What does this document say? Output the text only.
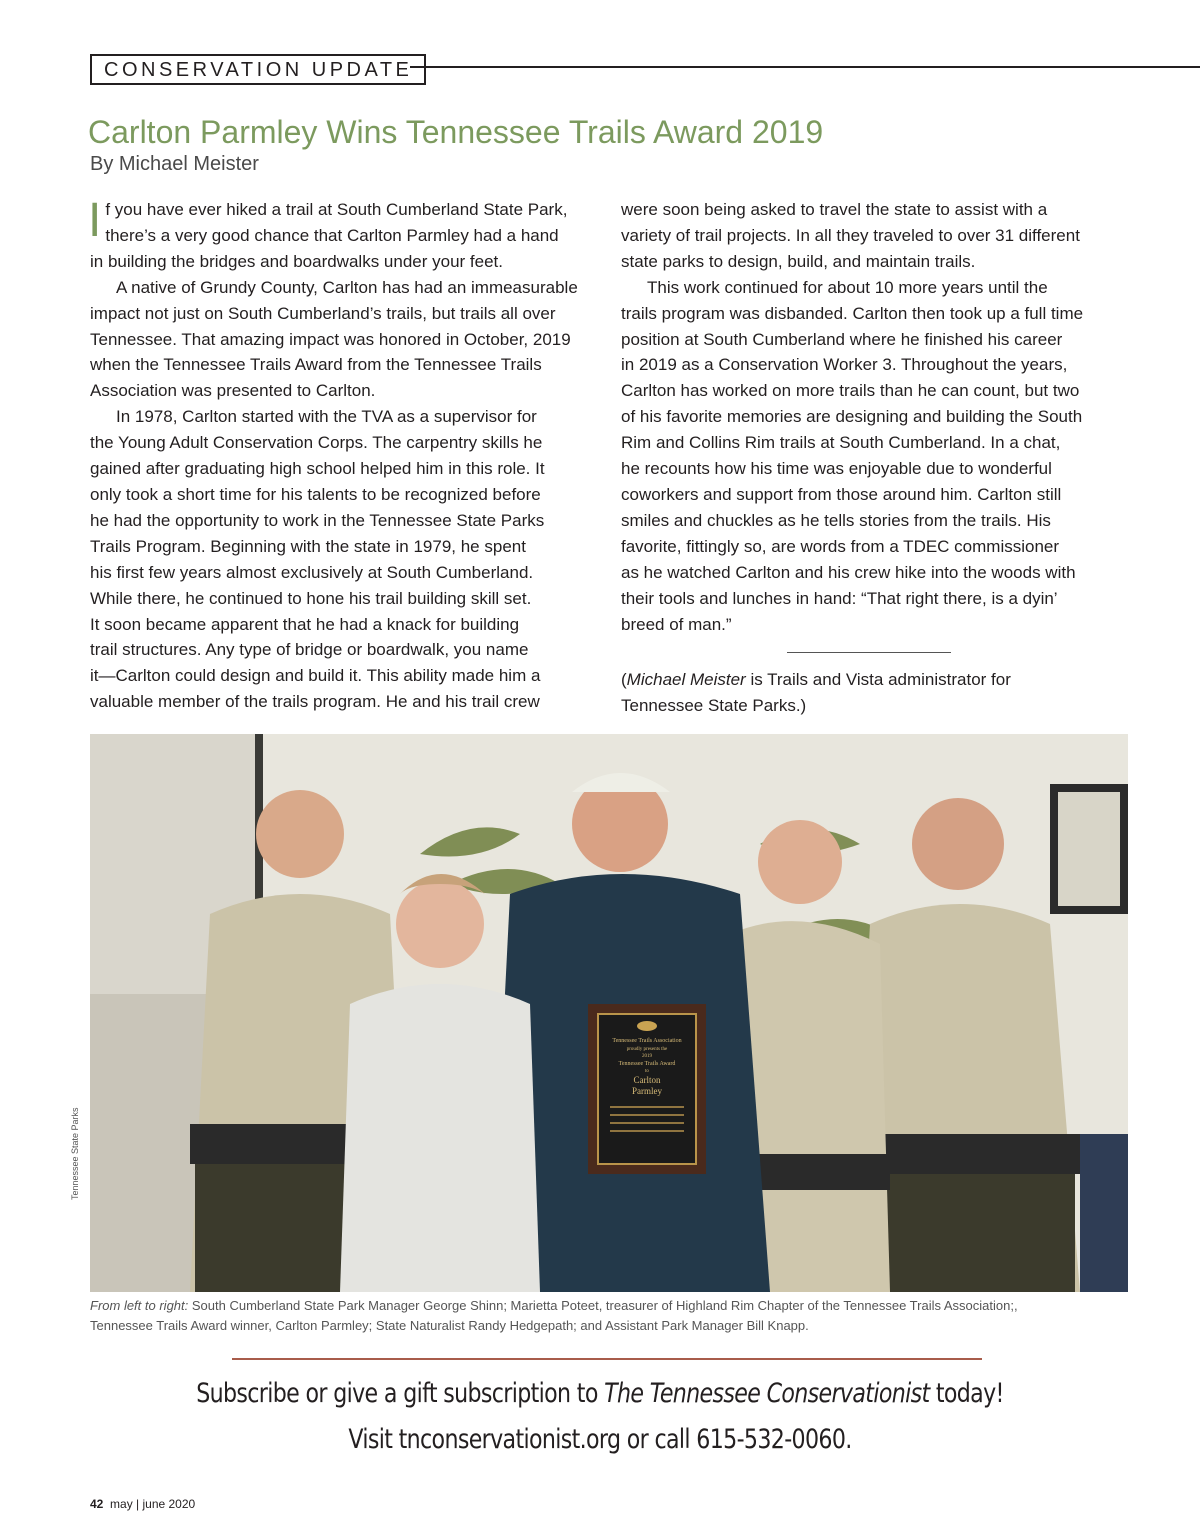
CONSERVATION UPDATE
Carlton Parmley Wins Tennessee Trails Award 2019
By Michael Meister

If you have ever hiked a trail at South Cumberland State Park,

there’s a very good chance that Carlton Parmley had a hand

in building the bridges and boardwalks under your feet.

A native of Grundy County, Carlton has had an immeasurable

impact not just on South Cumberland’s trails, but trails all over

Tennessee. That amazing impact was honored in October, 2019

when the Tennessee Trails Award from the Tennessee Trails

Association was presented to Carlton.

In 1978, Carlton started with the TVA as a supervisor for

the Young Adult Conservation Corps. The carpentry skills he

gained after graduating high school helped him in this role. It

only took a short time for his talents to be recognized before

he had the opportunity to work in the Tennessee State Parks

Trails Program. Beginning with the state in 1979, he spent

his first few years almost exclusively at South Cumberland.

While there, he continued to hone his trail building skill set.

It soon became apparent that he had a knack for building

trail structures. Any type of bridge or boardwalk, you name

it—Carlton could design and build it. This ability made him a

valuable member of the trails program. He and his trail crew

were soon being asked to travel the state to assist with a

variety of trail projects. In all they traveled to over 31 different

state parks to design, build, and maintain trails.

This work continued for about 10 more years until the

trails program was disbanded. Carlton then took up a full time

position at South Cumberland where he finished his career

in 2019 as a Conservation Worker 3. Throughout the years,

Carlton has worked on more trails than he can count, but two

of his favorite memories are designing and building the South

Rim and Collins Rim trails at South Cumberland. In a chat,

he recounts how his time was enjoyable due to wonderful

coworkers and support from those around him. Carlton still

smiles and chuckles as he tells stories from the trails. His

favorite, fittingly so, are words from a TDEC commissioner

as he watched Carlton and his crew hike into the woods with

their tools and lunches in hand: “That right there, is a dyin’

breed of man.”

(Michael Meister is Trails and Vista administrator for

Tennessee State Parks.)

Tennessee Trails Association
proudly presents the
2019
Tennessee Trails Award
to
Carlton
Parmley
Tennessee State Parks
From left to right: South Cumberland State Park Manager George Shinn; Marietta Poteet, treasurer of Highland Rim Chapter of the Tennessee Trails Association;,
Tennessee Trails Award winner, Carlton Parmley; State Naturalist Randy Hedgepath; and Assistant Park Manager Bill Knapp.
Subscribe or give a gift subscription to The Tennessee Conservationist today!
Visit tnconservationist.org or call 615-532-0060.
42 may | june 2020
